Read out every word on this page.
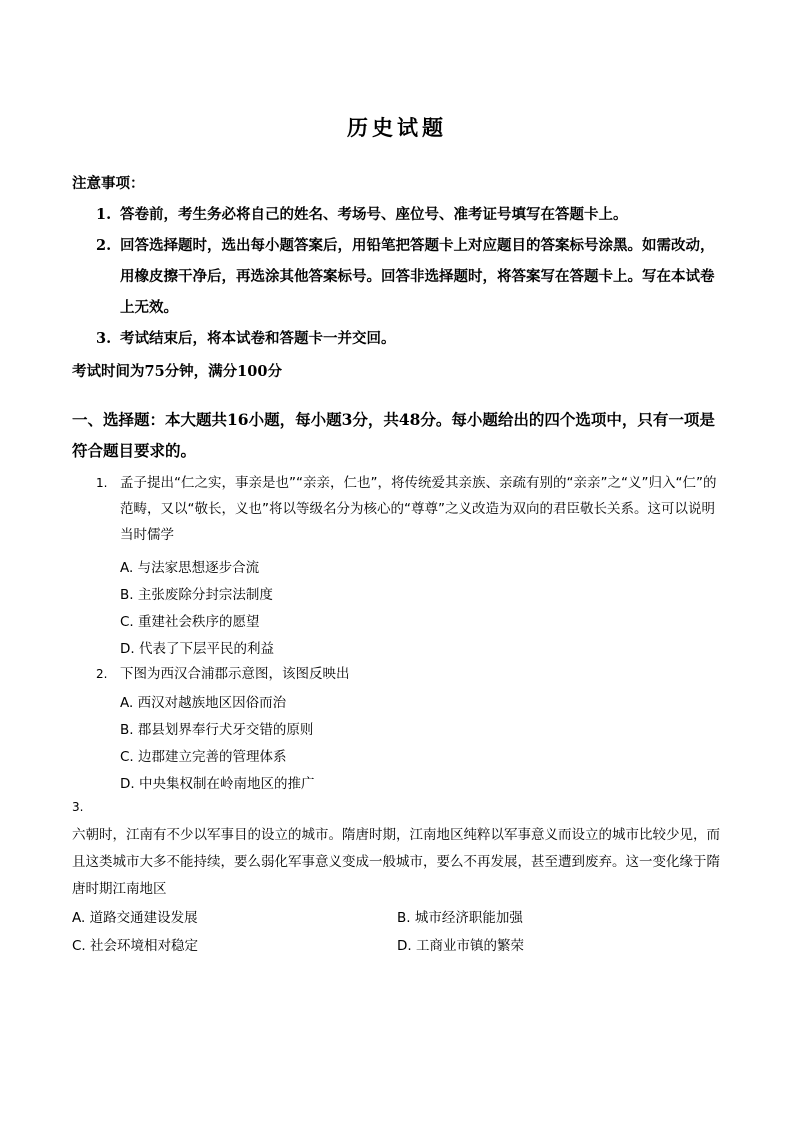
历史试题
注意事项：
1. 答卷前，考生务必将自己的姓名、考场号、座位号、准考证号填写在答题卡上。
2. 回答选择题时，选出每小题答案后，用铅笔把答题卡上对应题目的答案标号涂黑。如需改动，用橡皮擦干净后，再选涂其他答案标号。回答非选择题时，将答案写在答题卡上。写在本试卷上无效。
3. 考试结束后，将本试卷和答题卡一并交回。
考试时间为75分钟，满分100分
一、选择题：本大题共16小题，每小题3分，共48分。每小题给出的四个选项中，只有一项是符合题目要求的。
1. 孟子提出“仁之实，事亲是也”“亲亲，仁也”，将传统爱其亲族、亲疏有别的“亲亲”之“义”归入“仁”的范畴，又以“敬长，义也”将以等级名分为核心的“尊尊”之义改造为双向的君臣敬长关系。这可以说明当时儒学
A. 与法家思想逐步合流
B. 主张废除分封宗法制度
C. 重建社会秩序的愿望
D. 代表了下层平民的利益
2. 下图为西汉合浦郡示意图，该图反映出
A. 西汉对越族地区因俗而治
B. 郡县划界奉行犬牙交错的原则
C. 边郡建立完善的管理体系
D. 中央集权制在岭南地区的推广
3.
六朝时，江南有不少以军事目的设立的城市。隋唐时期，江南地区纯粹以军事意义而设立的城市比较少见，而且这类城市大多不能持续，要么弱化军事意义变成一般城市，要么不再发展，甚至遭到废弃。这一变化缘于隋唐时期江南地区
A. 道路交通建设发展	B. 城市经济职能加强
C. 社会环境相对稳定	D. 工商业市镇的繁荣
